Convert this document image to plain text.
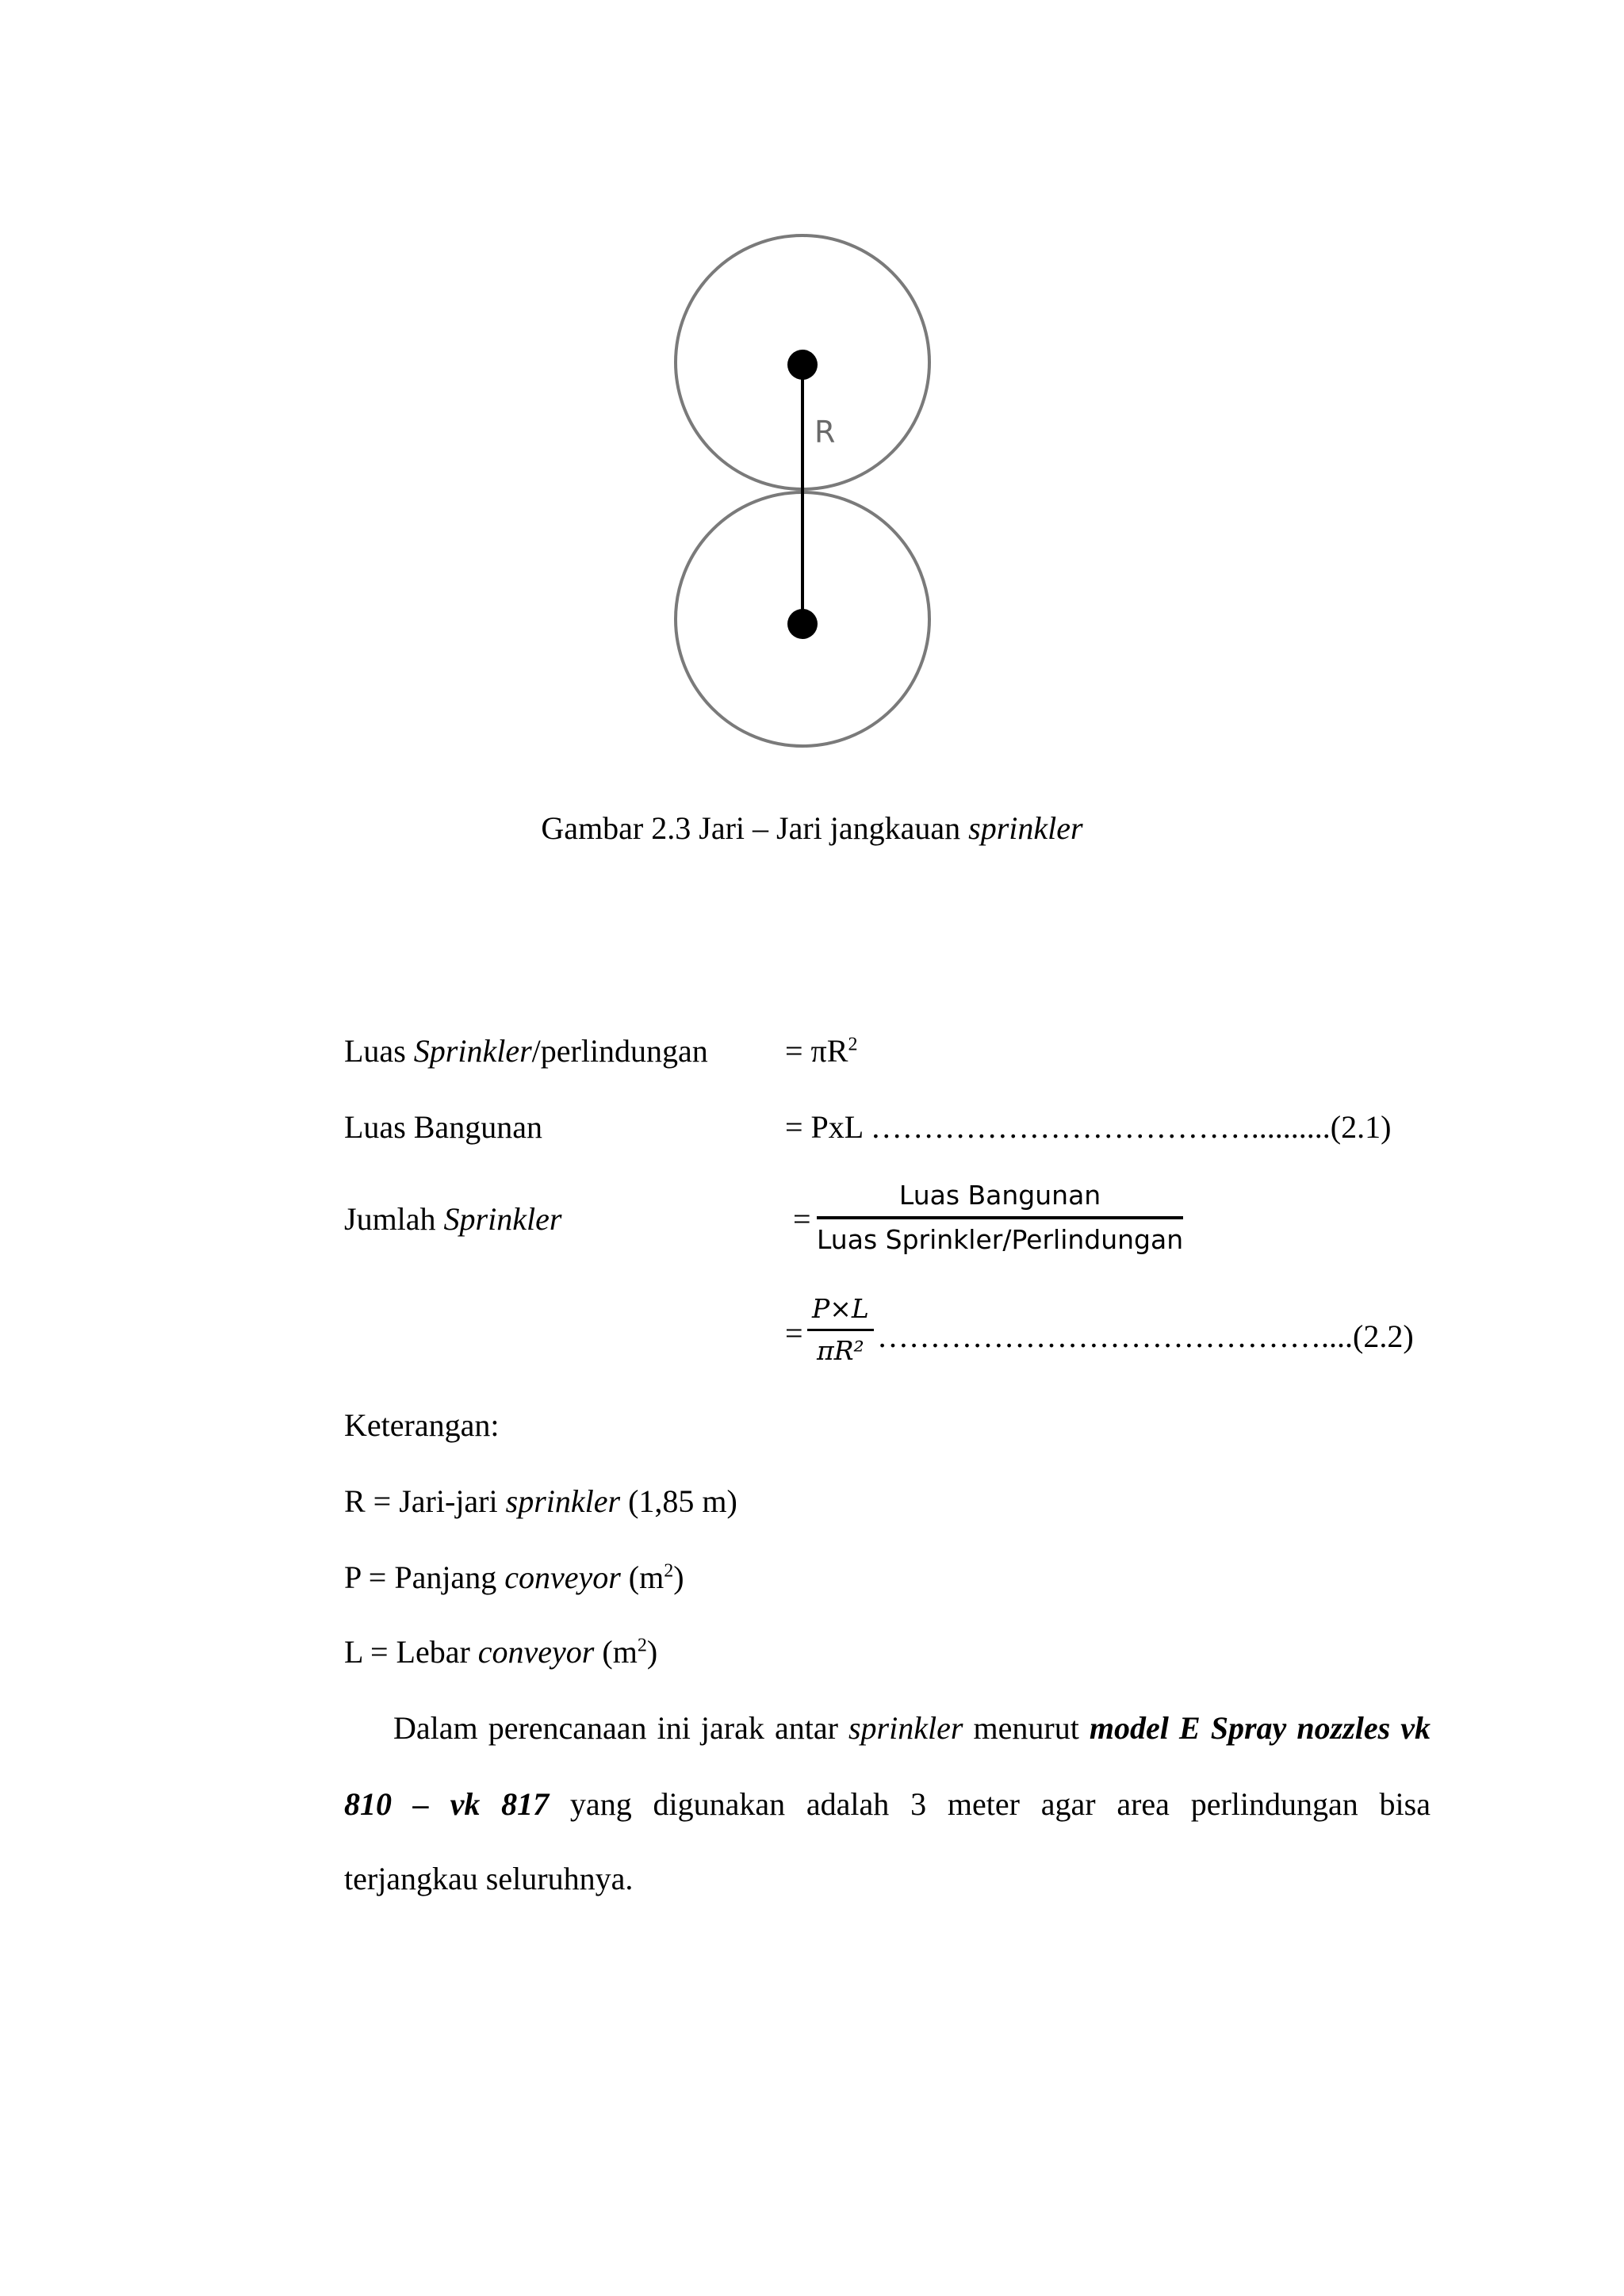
R
Gambar 2.3 Jari – Jari jangkauan sprinkler
Luas Sprinkler/perlindungan = $\pi R^2$
Luas Bangunan	= PxL ………………………………..........(2.1)
Jumlah Sprinkler	=
Luas Bangunan
Luas Sprinkler/Perlindungan
= $\frac{P\times L}{\text{πR²}}$ ……………………………………....(2.2)
Keterangan:
R = Jari-jari sprinkler (1,85 m)
P = Panjang conveyor $(m^2)$
L = Lebar conveyor $(m^2)$
Dalam perencanaan ini jarak antar sprinkler menurut model E Spray nozzles vk
810 – vk 817 yang digunakan adalah 3 meter agar area perlindungan bisa
terjangkau seluruhnya.
